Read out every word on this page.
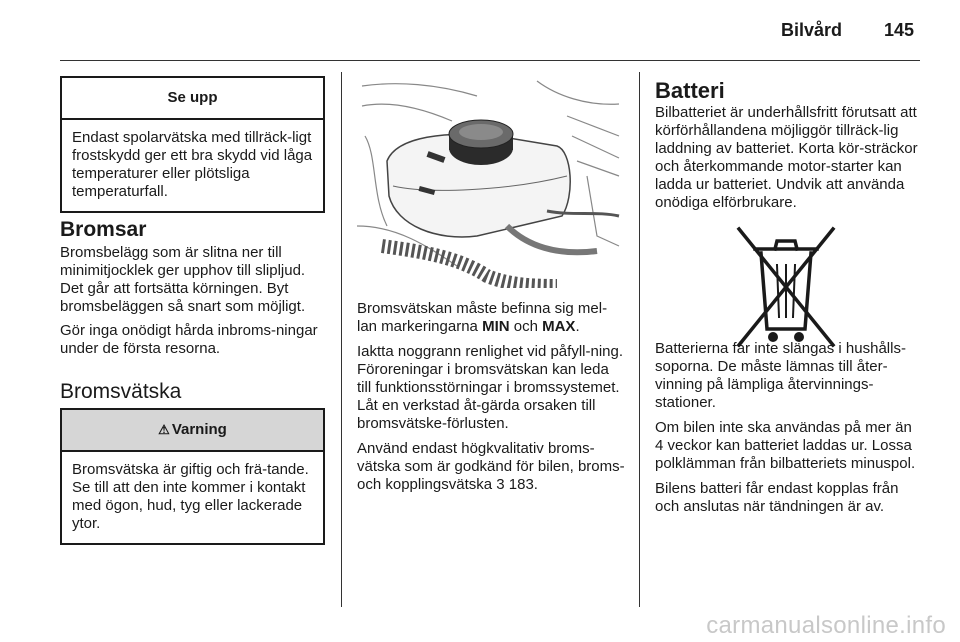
Bilvård 145
Se upp
Endast spolarvätska med tillräck-ligt frostskydd ger ett bra skydd vid låga temperaturer eller plötsliga temperaturfall.
Bromsar

Bromsbelägg som är slitna ner till minimitjocklek ger upphov till slipljud. Det går att fortsätta körningen. Byt bromsbeläggen så snart som möjligt.

Gör inga onödigt hårda inbroms-ningar under de första resorna.

Bromsvätska
⚠ Varning
Bromsvätska är giftig och frä-tande. Se till att den inte kommer i kontakt med ögon, hud, tyg eller lackerade ytor.

Bromsvätskan måste befinna sig mel-lan markeringarna MIN och MAX.

Iaktta noggrann renlighet vid påfyll-ning. Föroreningar i bromsvätskan kan leda till funktionsstörningar i bromssystemet. Låt en verkstad åt-gärda orsaken till bromsvätske-förlusten.

Använd endast högkvalitativ broms-vätska som är godkänd för bilen, broms- och kopplingsvätska 3 183.

Batteri

Bilbatteriet är underhållsfritt förutsatt att körförhållandena möjliggör tillräck-lig laddning av batteriet. Korta kör-sträckor och återkommande motor-starter kan ladda ur batteriet. Undvik att använda onödiga elförbrukare.

Batterierna får inte slängas i hushålls-soporna. De måste lämnas till åter-vinning på lämpliga återvinnings-stationer.

Om bilen inte ska användas på mer än 4 veckor kan batteriet laddas ur. Lossa polklämman från bilbatteriets minuspol.

Bilens batteri får endast kopplas från och anslutas när tändningen är av.

carmanualsonline.info
